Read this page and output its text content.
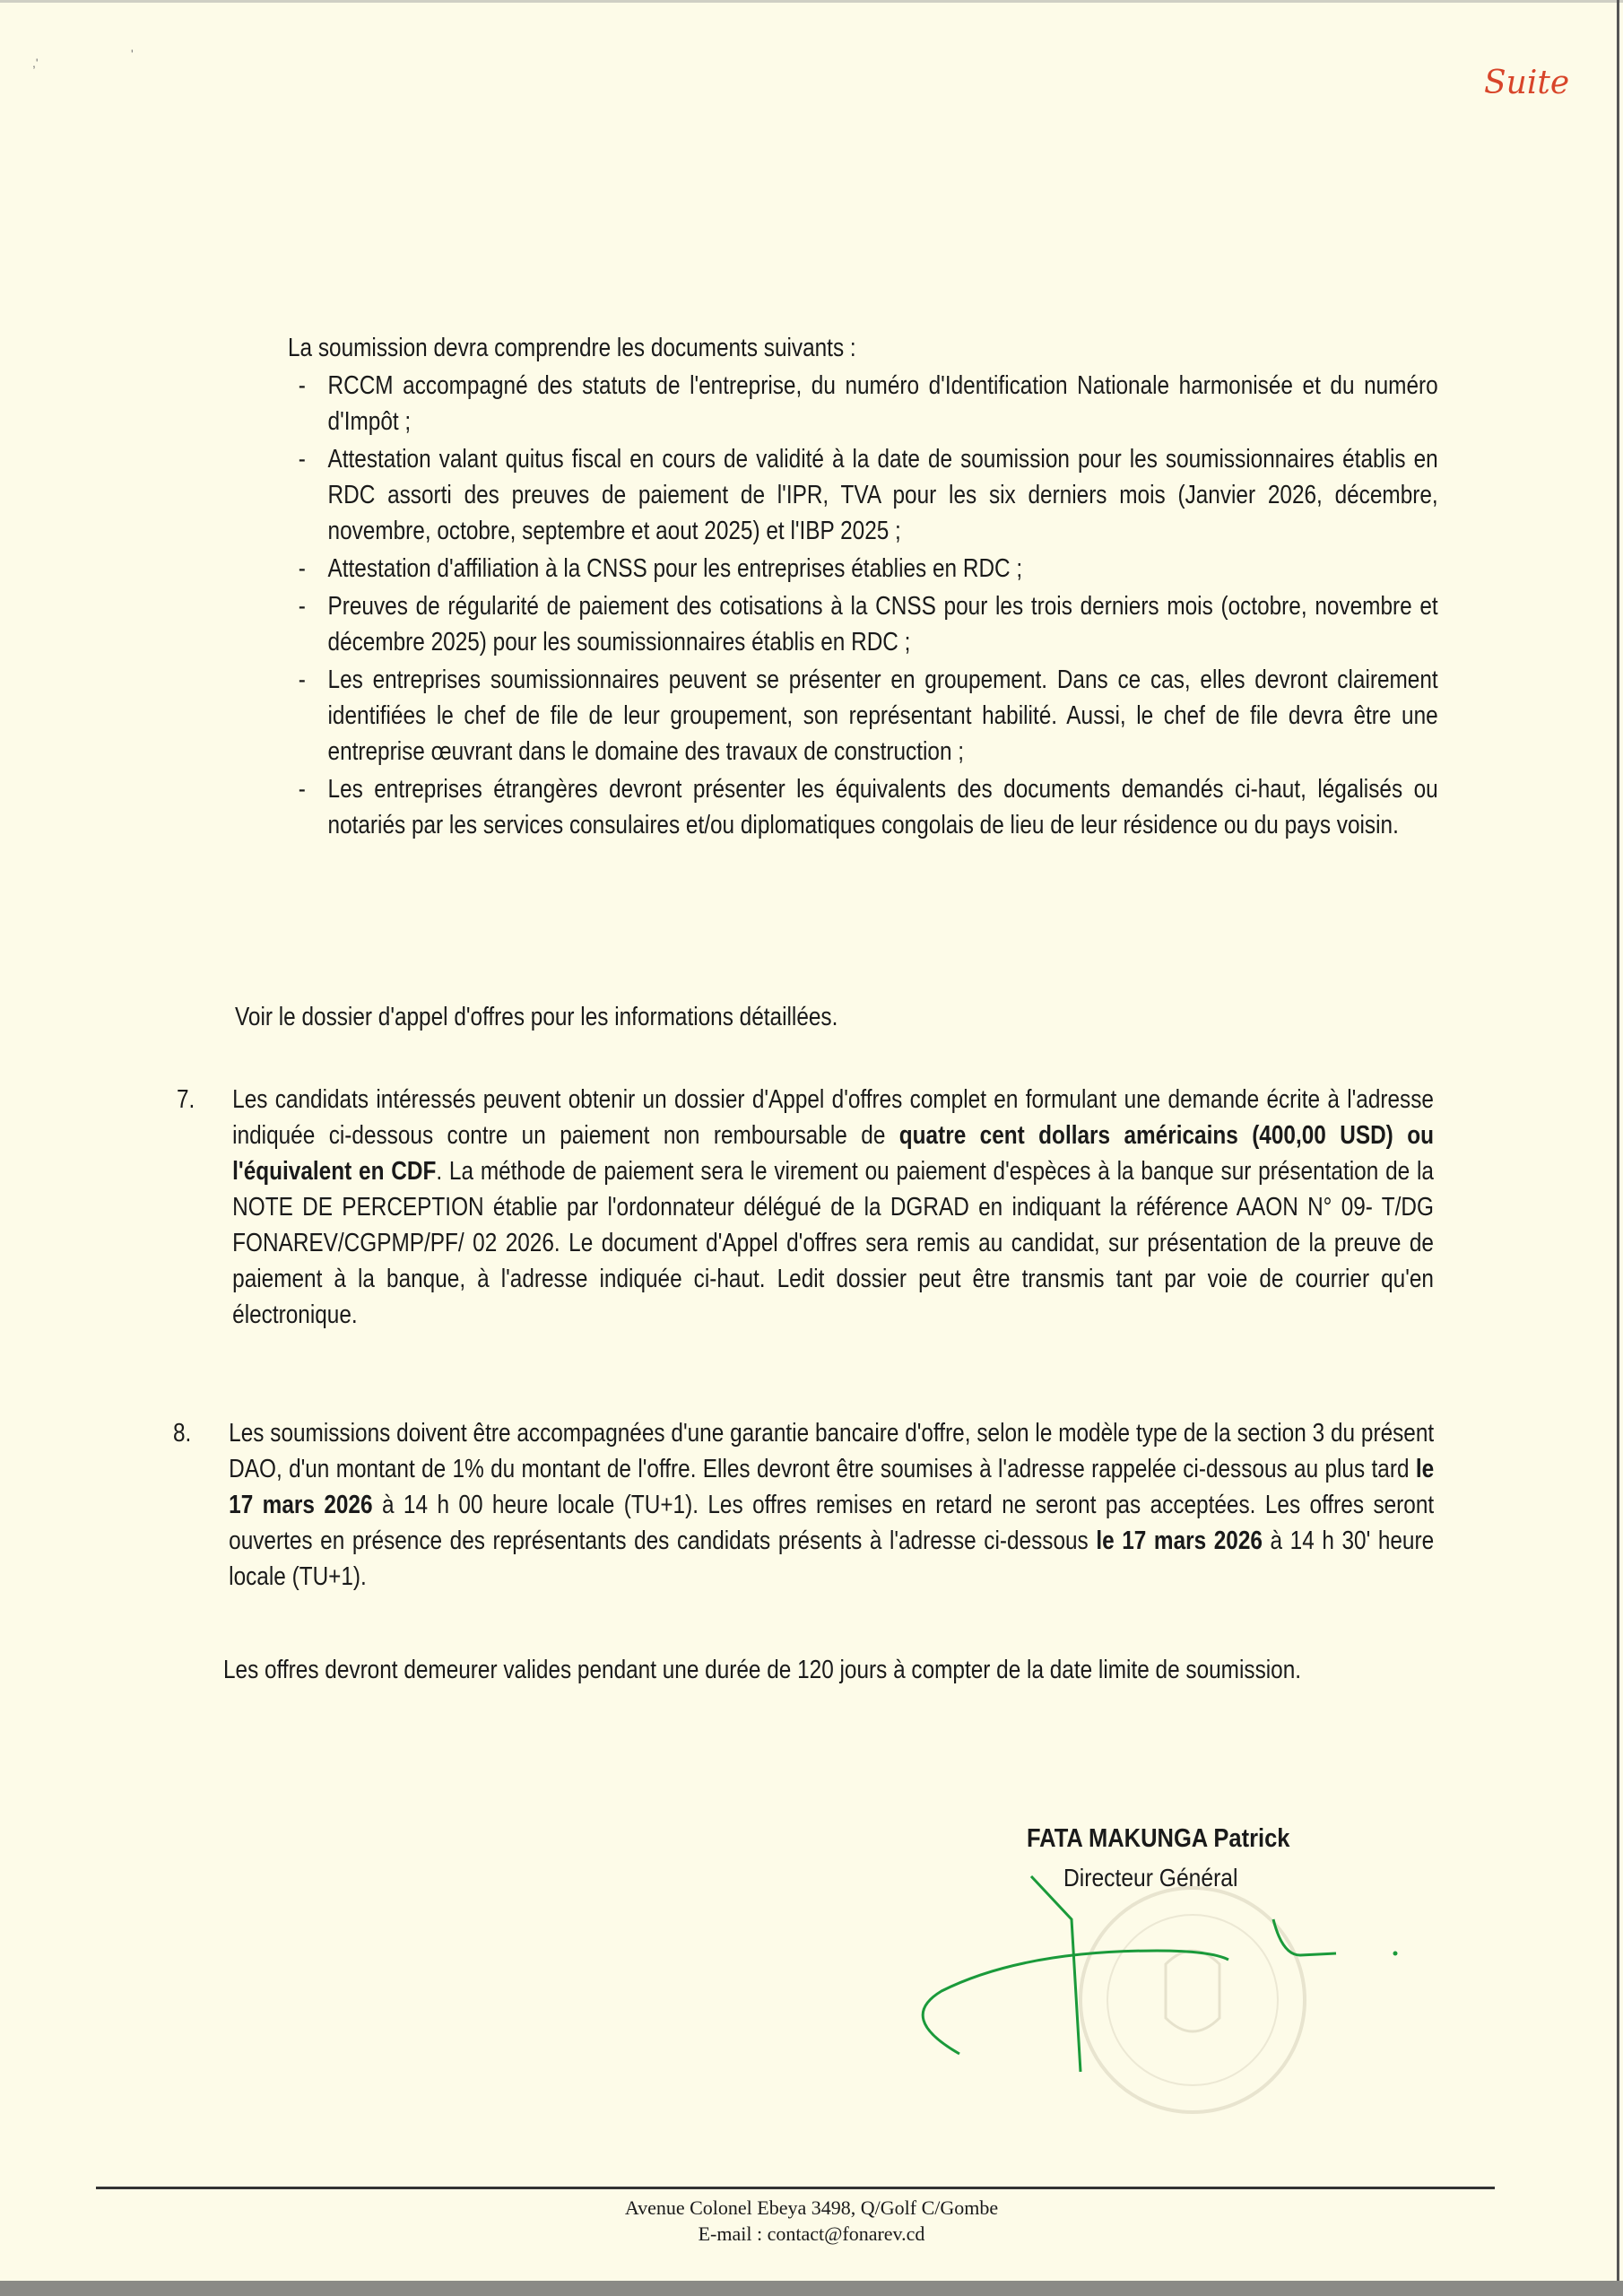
,'
'
Suite
La soumission devra comprendre les documents suivants :
- RCCM accompagné des statuts de l'entreprise, du numéro d'Identification Nationale harmonisée et du numéro d'Impôt ;
- Attestation valant quitus fiscal en cours de validité à la date de soumission pour les soumissionnaires établis en RDC assorti des preuves de paiement de l'IPR, TVA pour les six derniers mois (Janvier 2026, décembre, novembre, octobre, septembre et aout 2025) et l'IBP 2025 ;
- Attestation d'affiliation à la CNSS pour les entreprises établies en RDC ;
- Preuves de régularité de paiement des cotisations à la CNSS pour les trois derniers mois (octobre, novembre et décembre 2025) pour les soumissionnaires établis en RDC ;
- Les entreprises soumissionnaires peuvent se présenter en groupement. Dans ce cas, elles devront clairement identifiées le chef de file de leur groupement, son représentant habilité. Aussi, le chef de file devra être une entreprise œuvrant dans le domaine des travaux de construction ;
- Les entreprises étrangères devront présenter les équivalents des documents demandés ci-haut, légalisés ou notariés par les services consulaires et/ou diplomatiques congolais de lieu de leur résidence ou du pays voisin.
Voir le dossier d'appel d'offres pour les informations détaillées.
7.	Les candidats intéressés peuvent obtenir un dossier d'Appel d'offres complet en formulant une demande écrite à l'adresse indiquée ci-dessous contre un paiement non remboursable de quatre cent dollars américains (400,00 USD) ou l'équivalent en CDF. La méthode de paiement sera le virement ou paiement d'espèces à la banque sur présentation de la NOTE DE PERCEPTION établie par l'ordonnateur délégué de la DGRAD en indiquant la référence AAON N° 09- T/DG FONAREV/CGPMP/PF/ 02 2026. Le document d'Appel d'offres sera remis au candidat, sur présentation de la preuve de paiement à la banque, à l'adresse indiquée ci-haut. Ledit dossier peut être transmis tant par voie de courrier qu'en électronique.
8.	Les soumissions doivent être accompagnées d'une garantie bancaire d'offre, selon le modèle type de la section 3 du présent DAO, d'un montant de 1% du montant de l'offre. Elles devront être soumises à l'adresse rappelée ci-dessous au plus tard le 17 mars 2026 à 14 h 00 heure locale (TU+1). Les offres remises en retard ne seront pas acceptées. Les offres seront ouvertes en présence des représentants des candidats présents à l'adresse ci-dessous le 17 mars 2026 à 14 h 30' heure locale (TU+1).
Les offres devront demeurer valides pendant une durée de 120 jours à compter de la date limite de soumission.
FATA MAKUNGA Patrick
Directeur Général
Avenue Colonel Ebeya 3498, Q/Golf C/Gombe
E-mail : contact@fonarev.cd
